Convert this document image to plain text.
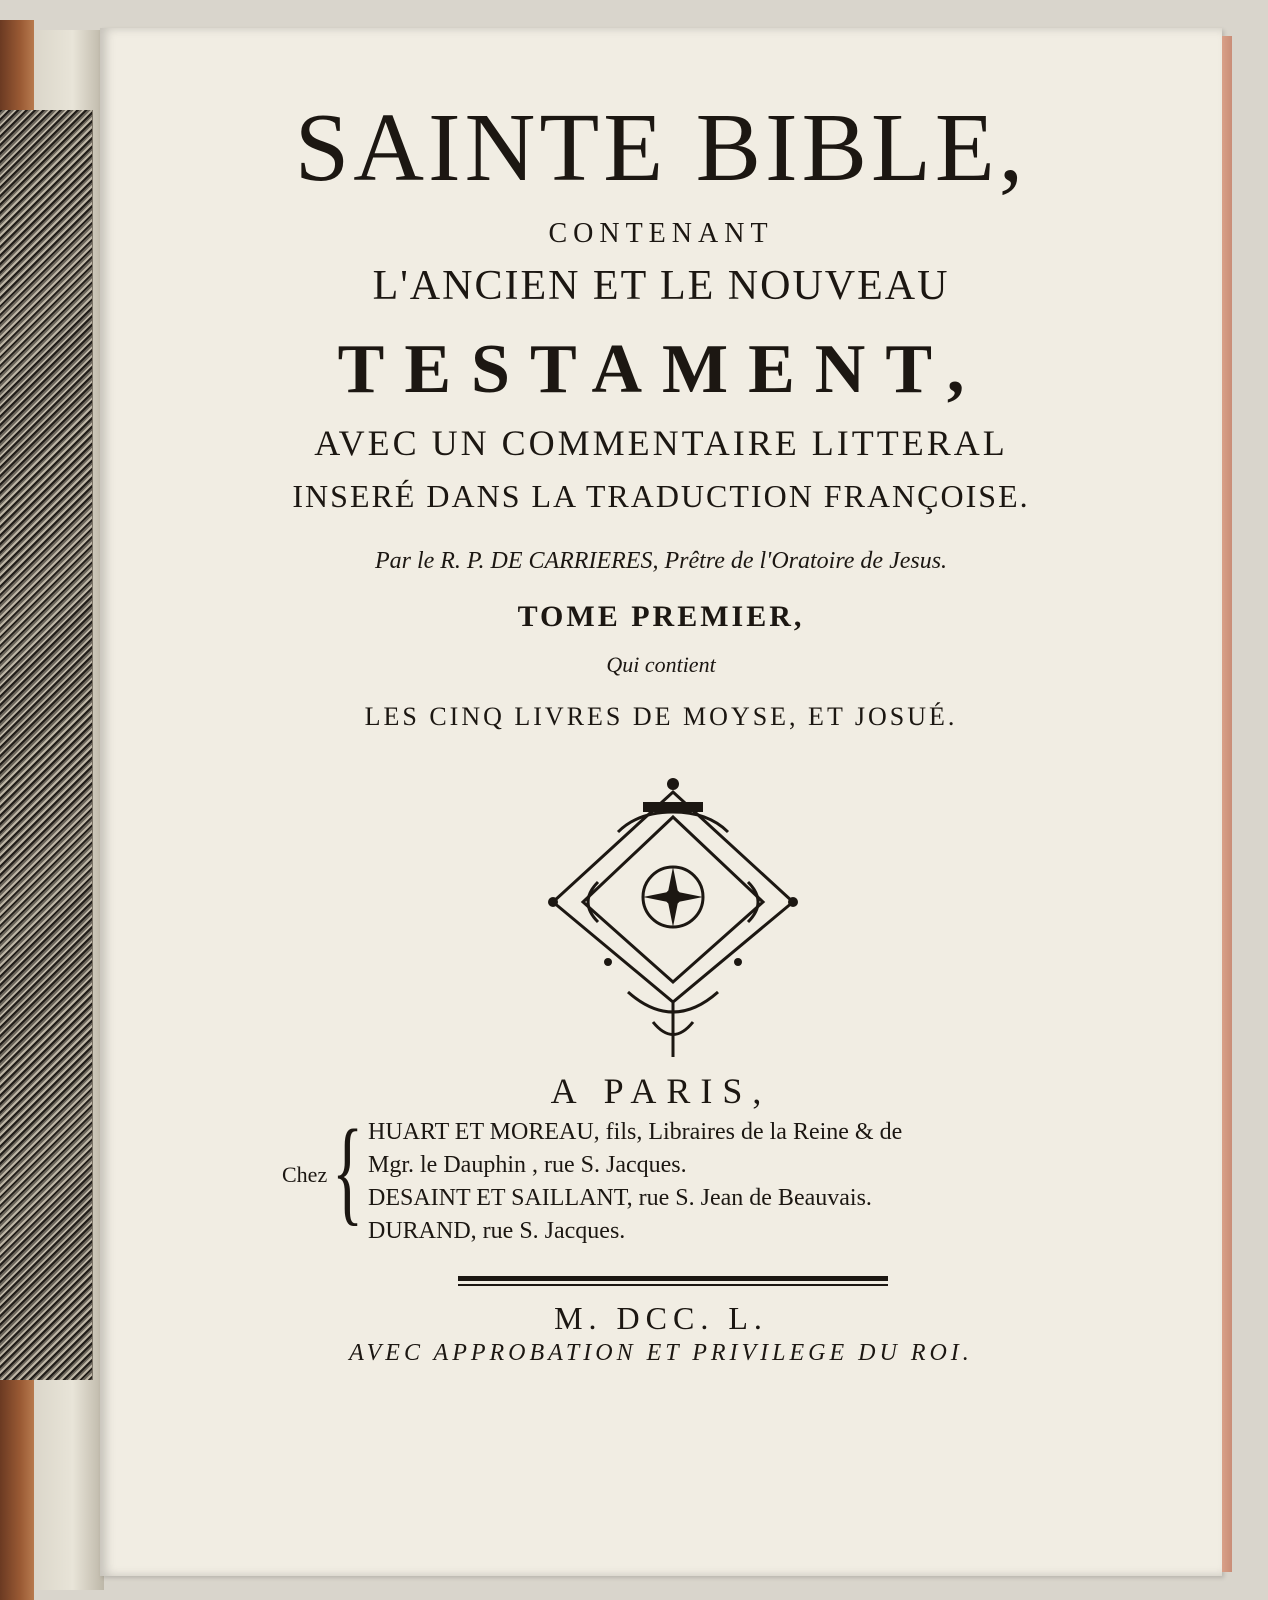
SAINTE BIBLE,
CONTENANT
L'ANCIEN ET LE NOUVEAU
TESTAMENT,
AVEC UN COMMENTAIRE LITTERAL
INSERÉ DANS LA TRADUCTION FRANÇOISE.
Par le R. P. DE CARRIERES, Prêtre de l'Oratoire de Jesus.
TOME PREMIER,
Qui contient
LES CINQ LIVRES DE MOYSE, ET JOSUÉ.
A PARIS,
Chez { HUART ET MOREAU, fils, Libraires de la Reine & de
Mgr. le Dauphin , rue S. Jacques.
DESAINT ET SAILLANT, rue S. Jean de Beauvais.
DURAND, rue S. Jacques.
M. DCC. L.
AVEC APPROBATION ET PRIVILEGE DU ROI.
